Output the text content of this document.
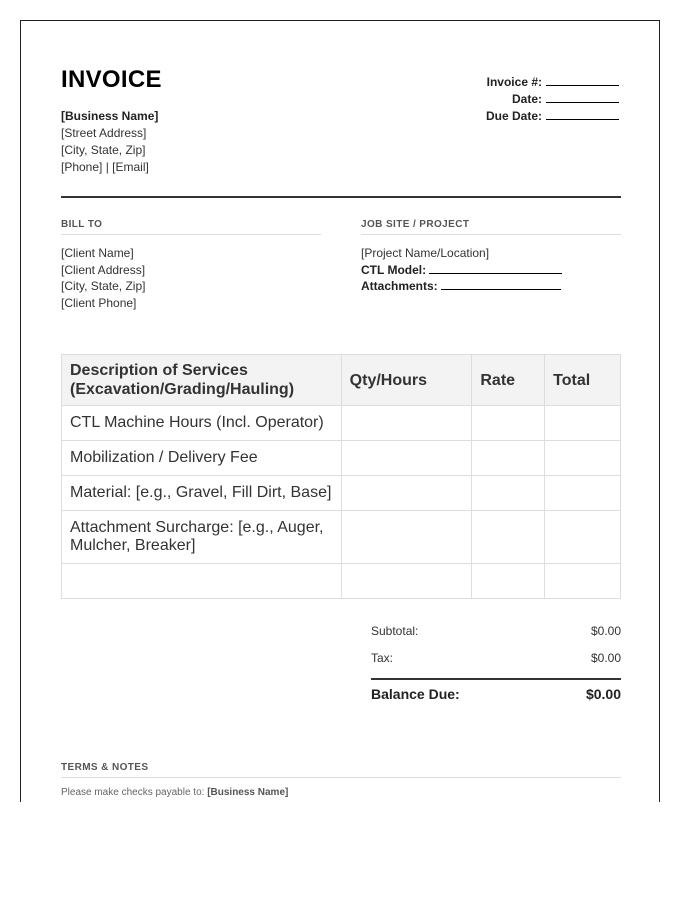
INVOICE
[Business Name]
[Street Address]
[City, State, Zip]
[Phone] | [Email]
Invoice #:
Date:
Due Date:
BILL TO	JOB SITE / PROJECT
[Client Name]
[Client Address]
[City, State, Zip]
[Client Phone]
[Project Name/Location]
CTL Model:
Attachments:
Description of Services (Excavation/Grading/Hauling)	Qty/Hours	Rate	Total
CTL Machine Hours (Incl. Operator)			
Mobilization / Delivery Fee			
Material: [e.g., Gravel, Fill Dirt, Base]			
Attachment Surcharge: [e.g., Auger, Mulcher, Breaker]			

Subtotal:	$0.00
Tax:	$0.00
Balance Due:	$0.00
TERMS & NOTES
Please make checks payable to: [Business Name]
